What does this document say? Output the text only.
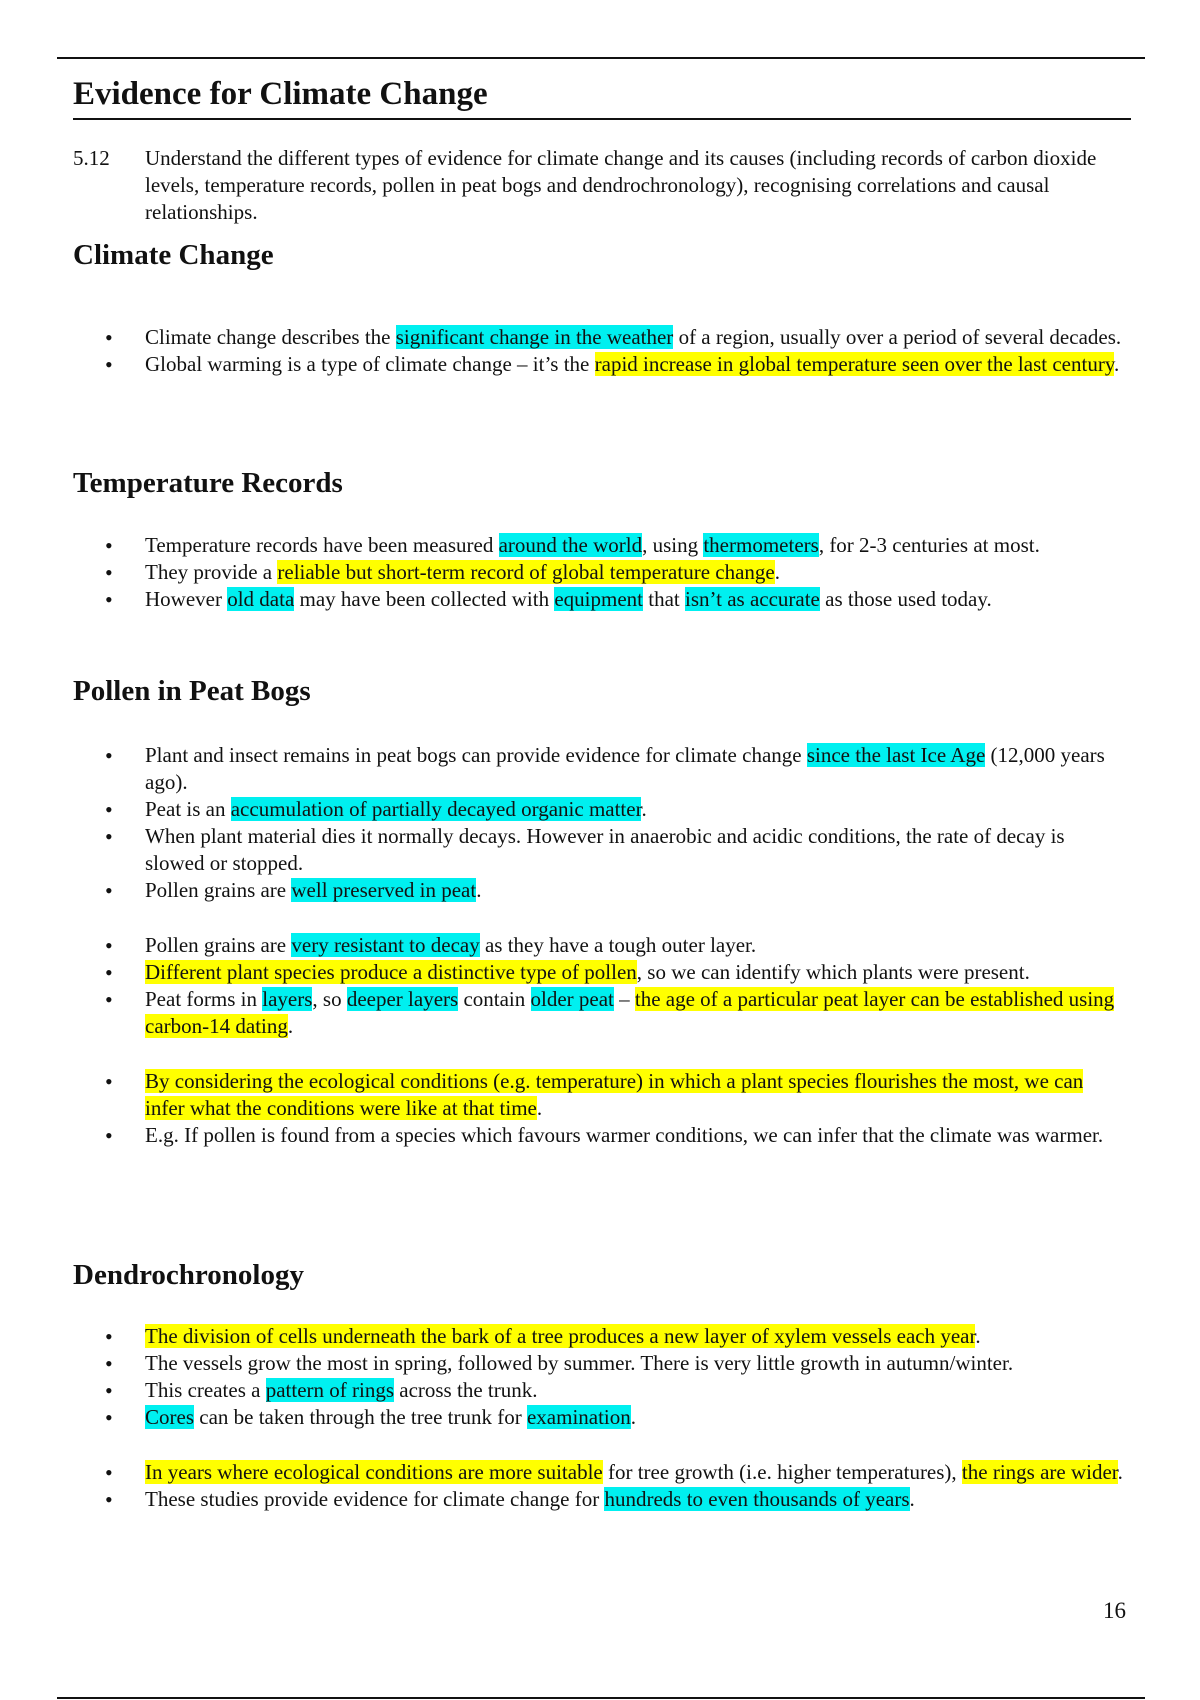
Evidence for Climate Change
5.12 Understand the different types of evidence for climate change and its causes (including records of carbon dioxide levels, temperature records, pollen in peat bogs and dendrochronology), recognising correlations and causal relationships.
Climate Change
• Climate change describes the significant change in the weather of a region, usually over a period of several decades.
• Global warming is a type of climate change – it’s the rapid increase in global temperature seen over the last century.
Temperature Records
• Temperature records have been measured around the world, using thermometers, for 2-3 centuries at most.
• They provide a reliable but short-term record of global temperature change.
• However old data may have been collected with equipment that isn’t as accurate as those used today.
Pollen in Peat Bogs
• Plant and insect remains in peat bogs can provide evidence for climate change since the last Ice Age (12,000 years ago).
• Peat is an accumulation of partially decayed organic matter.
• When plant material dies it normally decays. However in anaerobic and acidic conditions, the rate of decay is slowed or stopped.
• Pollen grains are well preserved in peat.
• Pollen grains are very resistant to decay as they have a tough outer layer.
• Different plant species produce a distinctive type of pollen, so we can identify which plants were present.
• Peat forms in layers, so deeper layers contain older peat – the age of a particular peat layer can be established using carbon-14 dating.
• By considering the ecological conditions (e.g. temperature) in which a plant species flourishes the most, we can infer what the conditions were like at that time.
• E.g. If pollen is found from a species which favours warmer conditions, we can infer that the climate was warmer.
Dendrochronology
• The division of cells underneath the bark of a tree produces a new layer of xylem vessels each year.
• The vessels grow the most in spring, followed by summer. There is very little growth in autumn/winter.
• This creates a pattern of rings across the trunk.
• Cores can be taken through the tree trunk for examination.
• In years where ecological conditions are more suitable for tree growth (i.e. higher temperatures), the rings are wider.
• These studies provide evidence for climate change for hundreds to even thousands of years.
16
